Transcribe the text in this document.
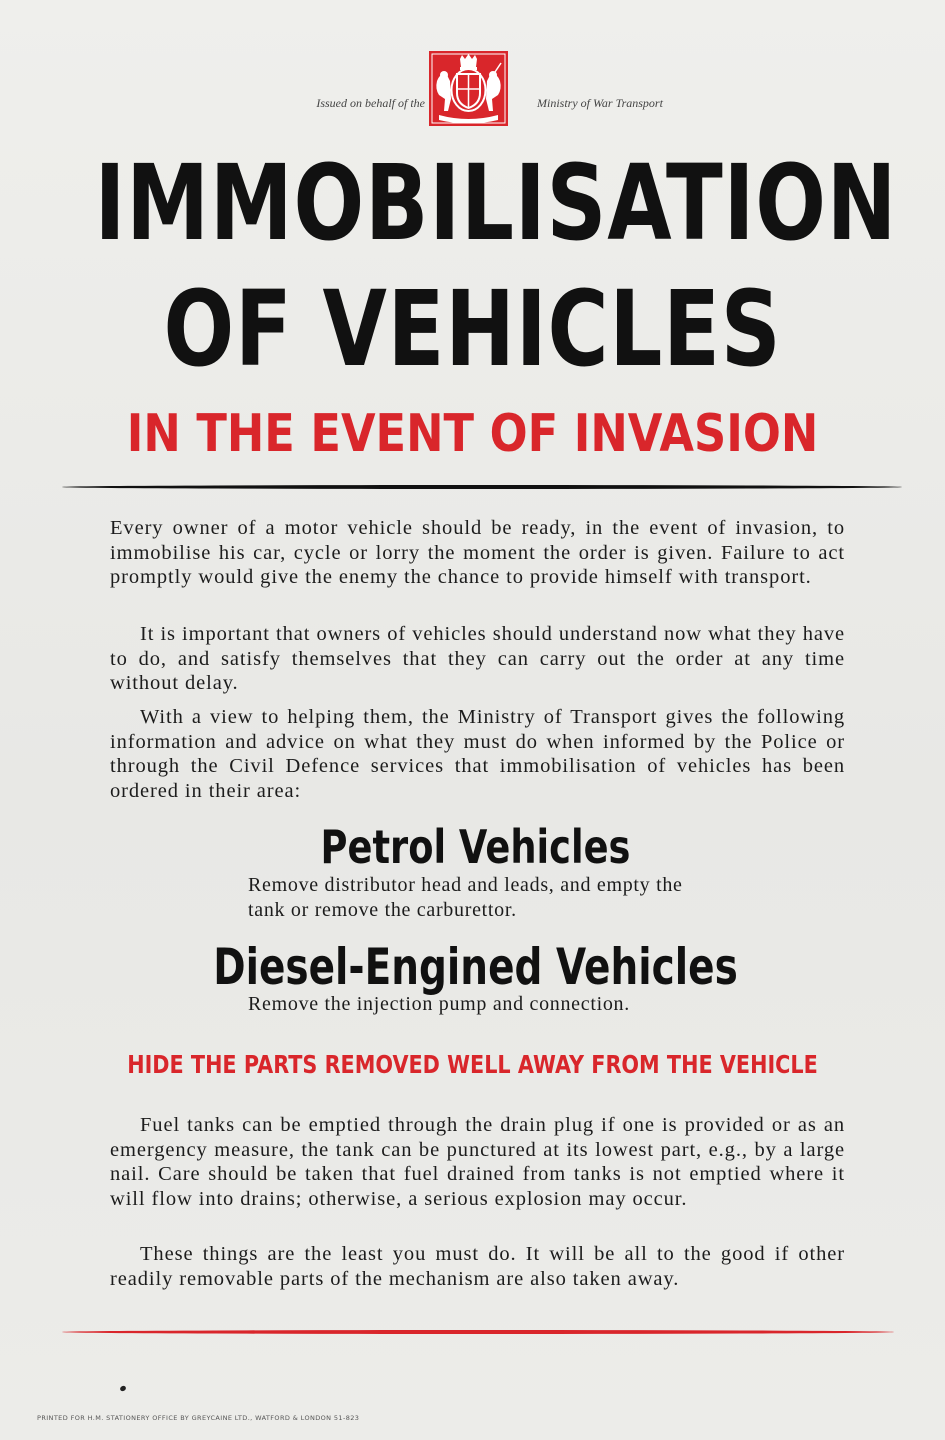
Issued on behalf of the	Ministry of War Transport
IMMOBILISATION
OF VEHICLES
IN THE EVENT OF INVASION
Every owner of a motor vehicle should be ready, in the event of invasion, to immobilise his car, cycle or lorry the moment the order is given. Failure to act promptly would give the enemy the chance to provide himself with transport.
It is important that owners of vehicles should understand now what they have to do, and satisfy themselves that they can carry out the order at any time without delay.
With a view to helping them, the Ministry of Transport gives the following information and advice on what they must do when informed by the Police or through the Civil Defence services that immobilisation of vehicles has been ordered in their area:
Petrol Vehicles
Remove distributor head and leads, and empty the tank or remove the carburettor.
Diesel-Engined Vehicles
Remove the injection pump and connection.
HIDE THE PARTS REMOVED WELL AWAY FROM THE VEHICLE
Fuel tanks can be emptied through the drain plug if one is provided or as an emergency measure, the tank can be punctured at its lowest part, e.g., by a large nail. Care should be taken that fuel drained from tanks is not emptied where it will flow into drains; otherwise, a serious explosion may occur.
These things are the least you must do. It will be all to the good if other readily removable parts of the mechanism are also taken away.
PRINTED FOR H.M. STATIONERY OFFICE BY GREYCAINE LTD., WATFORD & LONDON 51-823
